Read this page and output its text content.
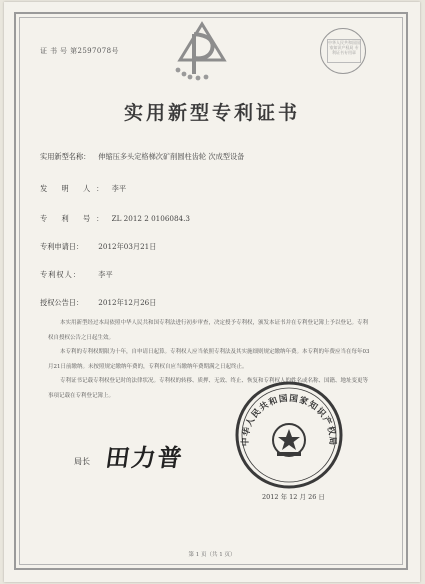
中华人民共和国国家知识产权局 专利证书专用章
证 书 号 第2597078号
实用新型专利证书
实用新型名称： 伸缩压多头定格梯次矿削圆柱齿轮 次成型设备
发 明 人： 李平
专 利 号： ZL 2012 2 0106084.3
专利申请日： 2012年03月21日
专利权人： 李平
授权公告日： 2012年12月26日

本实用新型经过本局依照中华人民共和国专利法进行初步审查，决定授予专利权，颁发本证书并在专利登记簿上予以登记。专利权自授权公告之日起生效。

本专利的专利权期限为十年，自申请日起算。专利权人应当依照专利法及其实施细则规定缴纳年费。本专利的年费应当在每年03月21日前缴纳。未按照规定缴纳年费的，专利权自应当缴纳年费期满之日起终止。

专利证书记载专利权登记时的法律状况。专利权的转移、质押、无效、终止、恢复和专利权人的姓名或名称、国籍、地址变更等事项记载在专利登记簿上。

局长 田力普
中华人民共和国国家知识产权局
2012 年 12 月 26 日
第 1 页（共 1 页）
